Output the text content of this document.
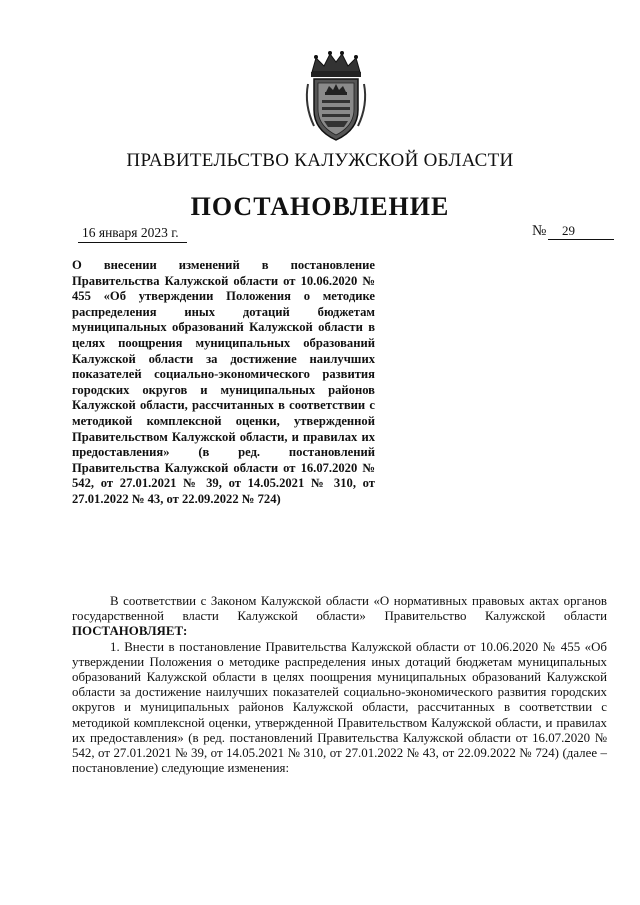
ПРАВИТЕЛЬСТВО КАЛУЖСКОЙ ОБЛАСТИ
ПОСТАНОВЛЕНИЕ
16 января 2023 г.	№	29
О внесении изменений в постановление Правительства Калужской области от 10.06.2020 № 455 «Об утверждении Положения о методике распределения иных дотаций бюджетам муниципальных образований Калужской области в целях поощрения муниципальных образований Калужской области за достижение наилучших показателей социально-экономического развития городских округов и муниципальных районов Калужской области, рассчитанных в соответствии с методикой комплексной оценки, утвержденной Правительством Калужской области, и правилах их предоставления» (в ред. постановлений Правительства Калужской области от 16.07.2020 № 542, от 27.01.2021 № 39, от 14.05.2021 № 310, от 27.01.2022 № 43, от 22.09.2022 № 724)

В соответствии с Законом Калужской области «О нормативных правовых актах органов государственной власти Калужской области» Правительство Калужской области ПОСТАНОВЛЯЕТ:

1. Внести в постановление Правительства Калужской области от 10.06.2020 № 455 «Об утверждении Положения о методике распределения иных дотаций бюджетам муниципальных образований Калужской области в целях поощрения муниципальных образований Калужской области за достижение наилучших показателей социально-экономического развития городских округов и муниципальных районов Калужской области, рассчитанных в соответствии с методикой комплексной оценки, утвержденной Правительством Калужской области, и правилах их предоставления» (в ред. постановлений Правительства Калужской области от 16.07.2020 № 542, от 27.01.2021 № 39, от 14.05.2021 № 310, от 27.01.2022 № 43, от 22.09.2022 № 724) (далее – постановление) следующие изменения:
